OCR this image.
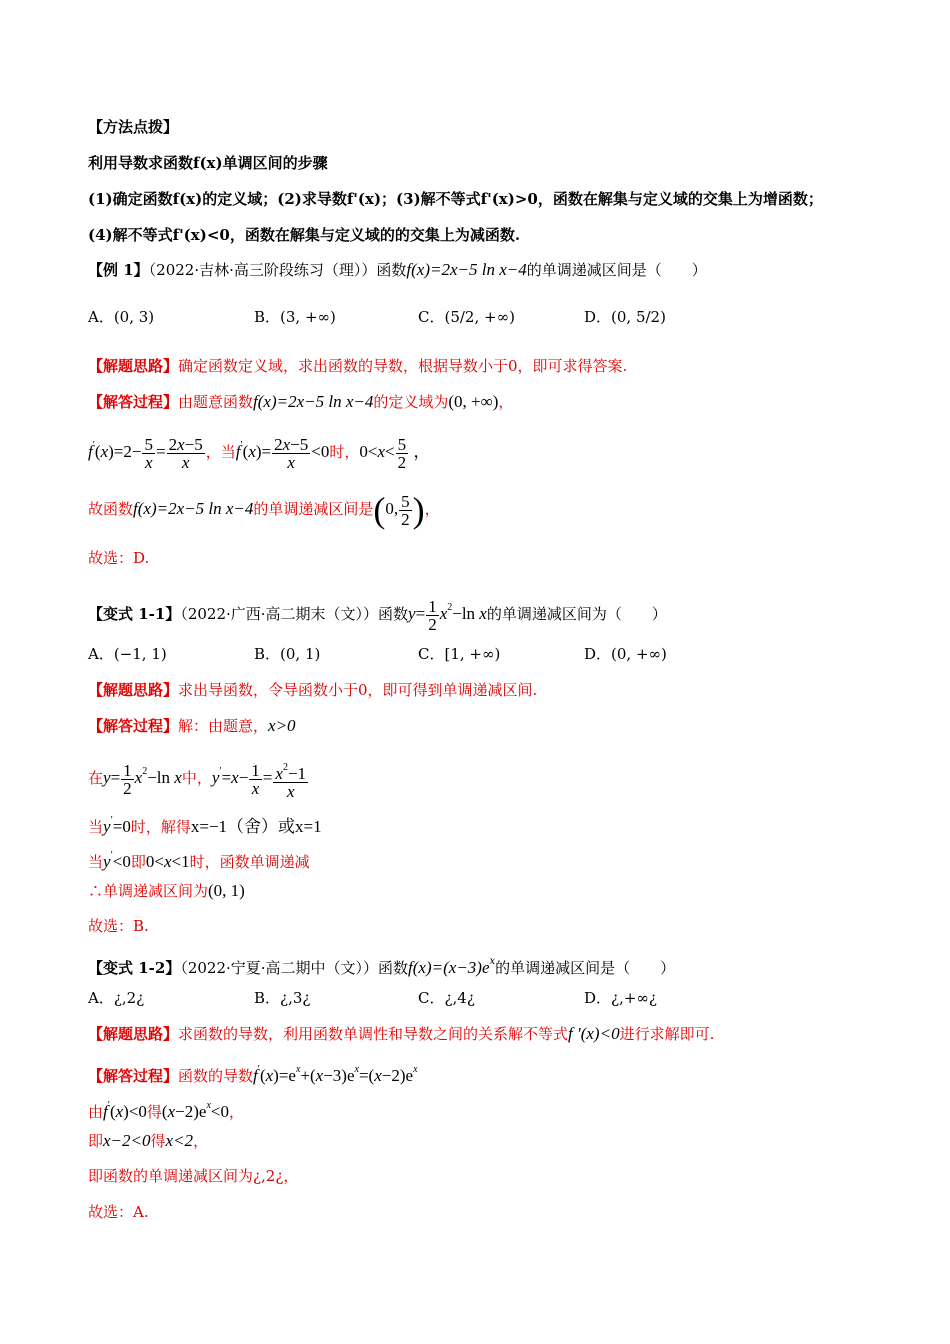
【方法点拨】
利用导数求函数f(x)单调区间的步骤
(1)确定函数f(x)的定义域；(2)求导数f'(x)；(3)解不等式f'(x)>0，函数在解集与定义域的交集上为增函数；
(4)解不等式f'(x)<0，函数在解集与定义域的的交集上为减函数.
【例 1】（2022·吉林·高三阶段练习（理））函数f(x)=2x−5 ln x−4的单调递减区间是（　　）
A．(0, 3)	B．(3, +∞)	C．(5/2, +∞)	D．(0, 5/2)
【解题思路】确定函数定义域，求出函数的导数，根据导数小于0，即可求得答案.
【解答过程】由题意函数f(x)=2x−5 ln x−4的定义域为(0, +∞)，
$f'(x)=2- \frac{5}{x} = \frac{2x-5}{x}$ ，当$f'(x)= \frac{2x-5}{x} <0$时，$0<x< \frac{5}{2}$ ，
故函数f(x)=2x−5 ln x−4的单调递减区间是(0, $\frac{5}{2}$ )，
故选：D.
【变式 1-1】（2022·广西·高二期末（文））函数$y= \frac{1}{2} x^2-\ln$ x的单调递减区间为（　　）
A．(−1, 1)	B．(0, 1)	C．[1, +∞)	D．(0, +∞)
【解题思路】求出导函数，令导函数小于0，即可得到单调递减区间.
【解答过程】解：由题意，x>0
在$y= \frac{1}{2} x^2-\ln$ x中，$y'=x- \frac{1}{x} = \frac{x^2-1}{x}$
当y′=0时，解得x=−1（舍）或x=1
当y′<0即0<x<1时，函数单调递减
∴单调递减区间为(0, 1)
故选：B.
【变式 1-2】（2022·宁夏·高二期中（文））函数$f(x)=(x-3)e^x$的单调递减区间是（　　）
A．¿,2¿	B．¿,3¿	C．¿,4¿	D．¿,+∞¿
【解题思路】求函数的导数，利用函数单调性和导数之间的关系解不等式f ′(x)<0进行求解即可.
【解答过程】函数的导数$f'(x)=e^x+(x-3)e^x=(x-2)e^x$
由f′(x)<0得$(x-2)e^x<0$，
即x−2<0得x<2，
即函数的单调递减区间为¿,2¿，
故选：A.
